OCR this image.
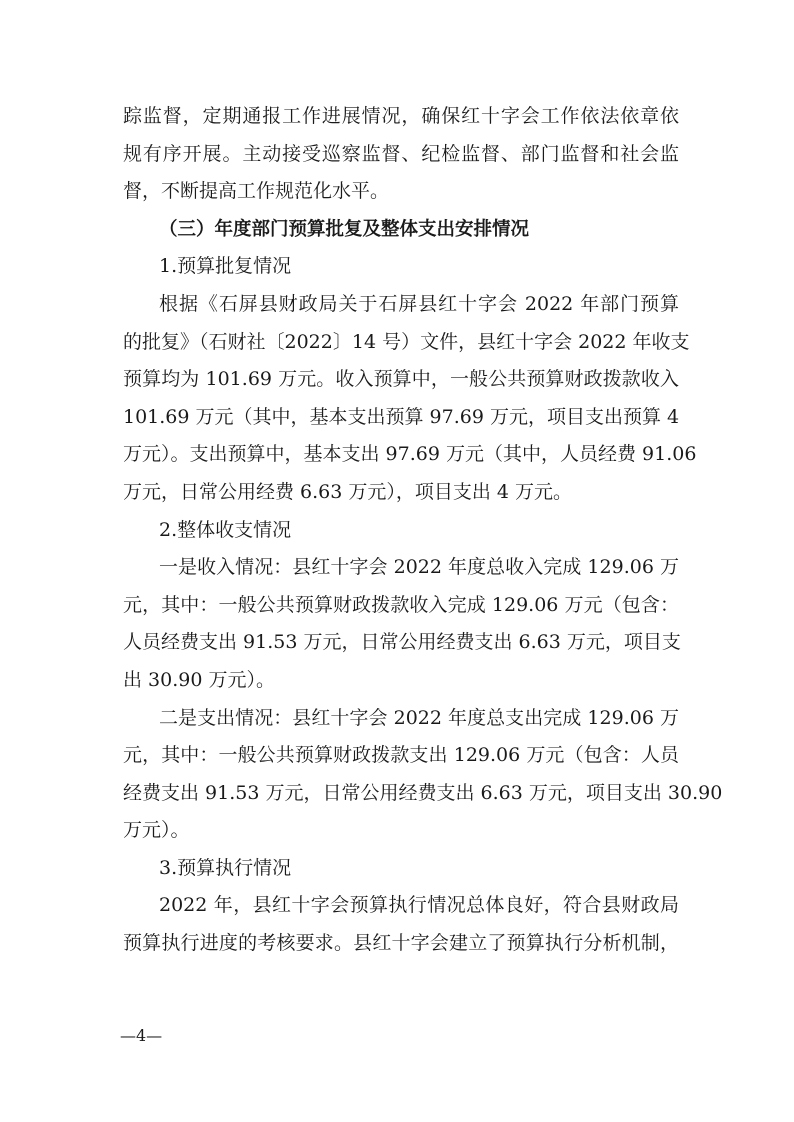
踪监督，定期通报工作进展情况，确保红十字会工作依法依章依
规有序开展。主动接受巡察监督、纪检监督、部门监督和社会监
督，不断提高工作规范化水平。
（三）年度部门预算批复及整体支出安排情况
1.预算批复情况
根据《石屏县财政局关于石屏县红十字会 2022 年部门预算
的批复》（石财社〔2022〕14 号）文件，县红十字会 2022 年收支
预算均为 101.69 万元。收入预算中，一般公共预算财政拨款收入
101.69 万元（其中，基本支出预算 97.69 万元，项目支出预算 4
万元）。支出预算中，基本支出 97.69 万元（其中，人员经费 91.06
万元，日常公用经费 6.63 万元），项目支出 4 万元。
2.整体收支情况
一是收入情况：县红十字会 2022 年度总收入完成 129.06 万
元，其中：一般公共预算财政拨款收入完成 129.06 万元（包含：
人员经费支出 91.53 万元，日常公用经费支出 6.63 万元，项目支
出 30.90 万元）。
二是支出情况：县红十字会 2022 年度总支出完成 129.06 万
元，其中：一般公共预算财政拨款支出 129.06 万元（包含：人员
经费支出 91.53 万元，日常公用经费支出 6.63 万元，项目支出 30.90
万元）。
3.预算执行情况
2022 年，县红十字会预算执行情况总体良好，符合县财政局
预算执行进度的考核要求。县红十字会建立了预算执行分析机制，
—4—
